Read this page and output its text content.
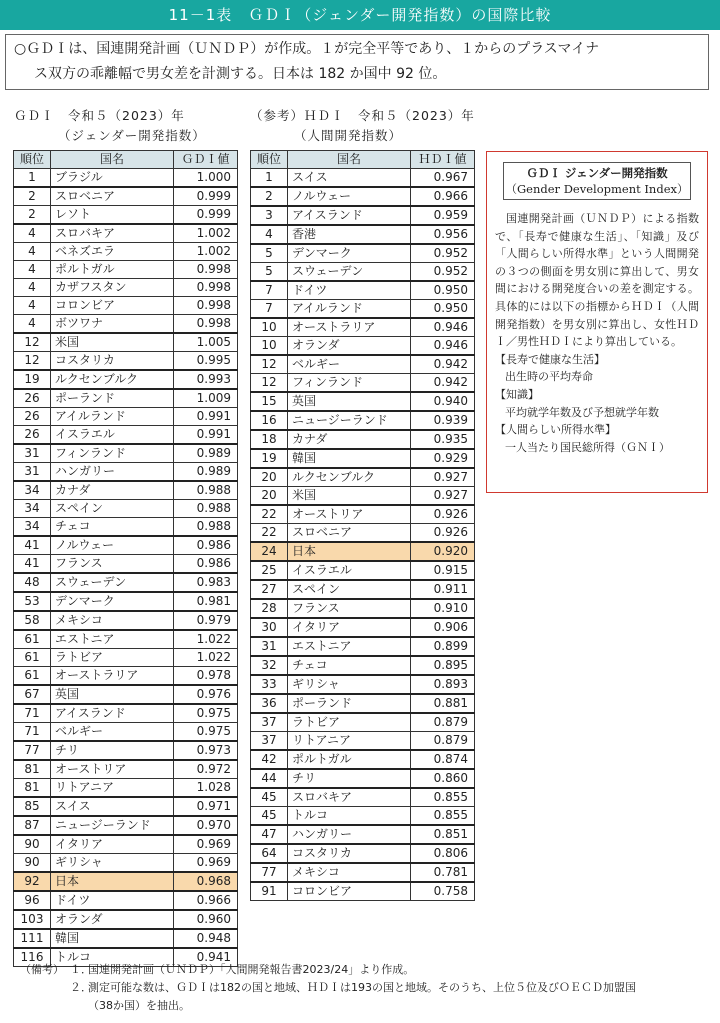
11－1表　ＧＤＩ（ジェンダー開発指数）の国際比較
○ＧＤＩは、国連開発計画（ＵＮＤＰ）が作成。１が完全平等であり、１からのプラスマイナ
ス双方の乖離幅で男女差を計測する。日本は 182 か国中 92 位。
ＧＤＩ　令和５（2023）年
（ジェンダー開発指数）
（参考）ＨＤＩ　令和５（2023）年
（人間開発指数）
順位	国名	ＧＤＩ値
1	ブラジル	1.000
2	スロベニア	0.999
2	レソト	0.999
4	スロバキア	1.002
4	ベネズエラ	1.002
4	ポルトガル	0.998
4	カザフスタン	0.998
4	コロンビア	0.998
4	ボツワナ	0.998
12	米国	1.005
12	コスタリカ	0.995
19	ルクセンブルク	0.993
26	ポーランド	1.009
26	アイルランド	0.991
26	イスラエル	0.991
31	フィンランド	0.989
31	ハンガリー	0.989
34	カナダ	0.988
34	スペイン	0.988
34	チェコ	0.988
41	ノルウェー	0.986
41	フランス	0.986
48	スウェーデン	0.983
53	デンマーク	0.981
58	メキシコ	0.979
61	エストニア	1.022
61	ラトビア	1.022
61	オーストラリア	0.978
67	英国	0.976
71	アイスランド	0.975
71	ベルギー	0.975
77	チリ	0.973
81	オーストリア	0.972
81	リトアニア	1.028
85	スイス	0.971
87	ニュージーランド	0.970
90	イタリア	0.969
90	ギリシャ	0.969
92	日本	0.968
96	ドイツ	0.966
103	オランダ	0.960
111	韓国	0.948
116	トルコ	0.941
順位	国名	ＨＤＩ値
1	スイス	0.967
2	ノルウェー	0.966
3	アイスランド	0.959
4	香港	0.956
5	デンマーク	0.952
5	スウェーデン	0.952
7	ドイツ	0.950
7	アイルランド	0.950
10	オーストラリア	0.946
10	オランダ	0.946
12	ベルギー	0.942
12	フィンランド	0.942
15	英国	0.940
16	ニュージーランド	0.939
18	カナダ	0.935
19	韓国	0.929
20	ルクセンブルク	0.927
20	米国	0.927
22	オーストリア	0.926
22	スロベニア	0.926
24	日本	0.920
25	イスラエル	0.915
27	スペイン	0.911
28	フランス	0.910
30	イタリア	0.906
31	エストニア	0.899
32	チェコ	0.895
33	ギリシャ	0.893
36	ポーランド	0.881
37	ラトビア	0.879
37	リトアニア	0.879
42	ポルトガル	0.874
44	チリ	0.860
45	スロバキア	0.855
45	トルコ	0.855
47	ハンガリー	0.851
64	コスタリカ	0.806
77	メキシコ	0.781
91	コロンビア	0.758
ＧＤＩ ジェンダー開発指数
（Gender Development Index）
国連開発計画（ＵＮＤＰ）による指数で、「長寿で健康な生活」、「知識」及び「人間らしい所得水準」という人間開発の３つの側面を男女別に算出して、男女間における開発度合いの差を測定する。具体的には以下の指標からＨＤＩ（人間開発指数）を男女別に算出し、女性ＨＤＩ／男性ＨＤＩにより算出している。
【長寿で健康な生活】
出生時の平均寿命
【知識】
平均就学年数及び予想就学年数
【人間らしい所得水準】
一人当たり国民総所得（ＧＮＩ）
（備考） １．
国連開発計画（ＵＮＤＰ）「人間開発報告書2023/24」より作成。
２．
測定可能な数は、ＧＤＩは182の国と地域、ＨＤＩは193の国と地域。そのうち、上位５位及びＯＥＣＤ加盟国
（38か国）を抽出。
